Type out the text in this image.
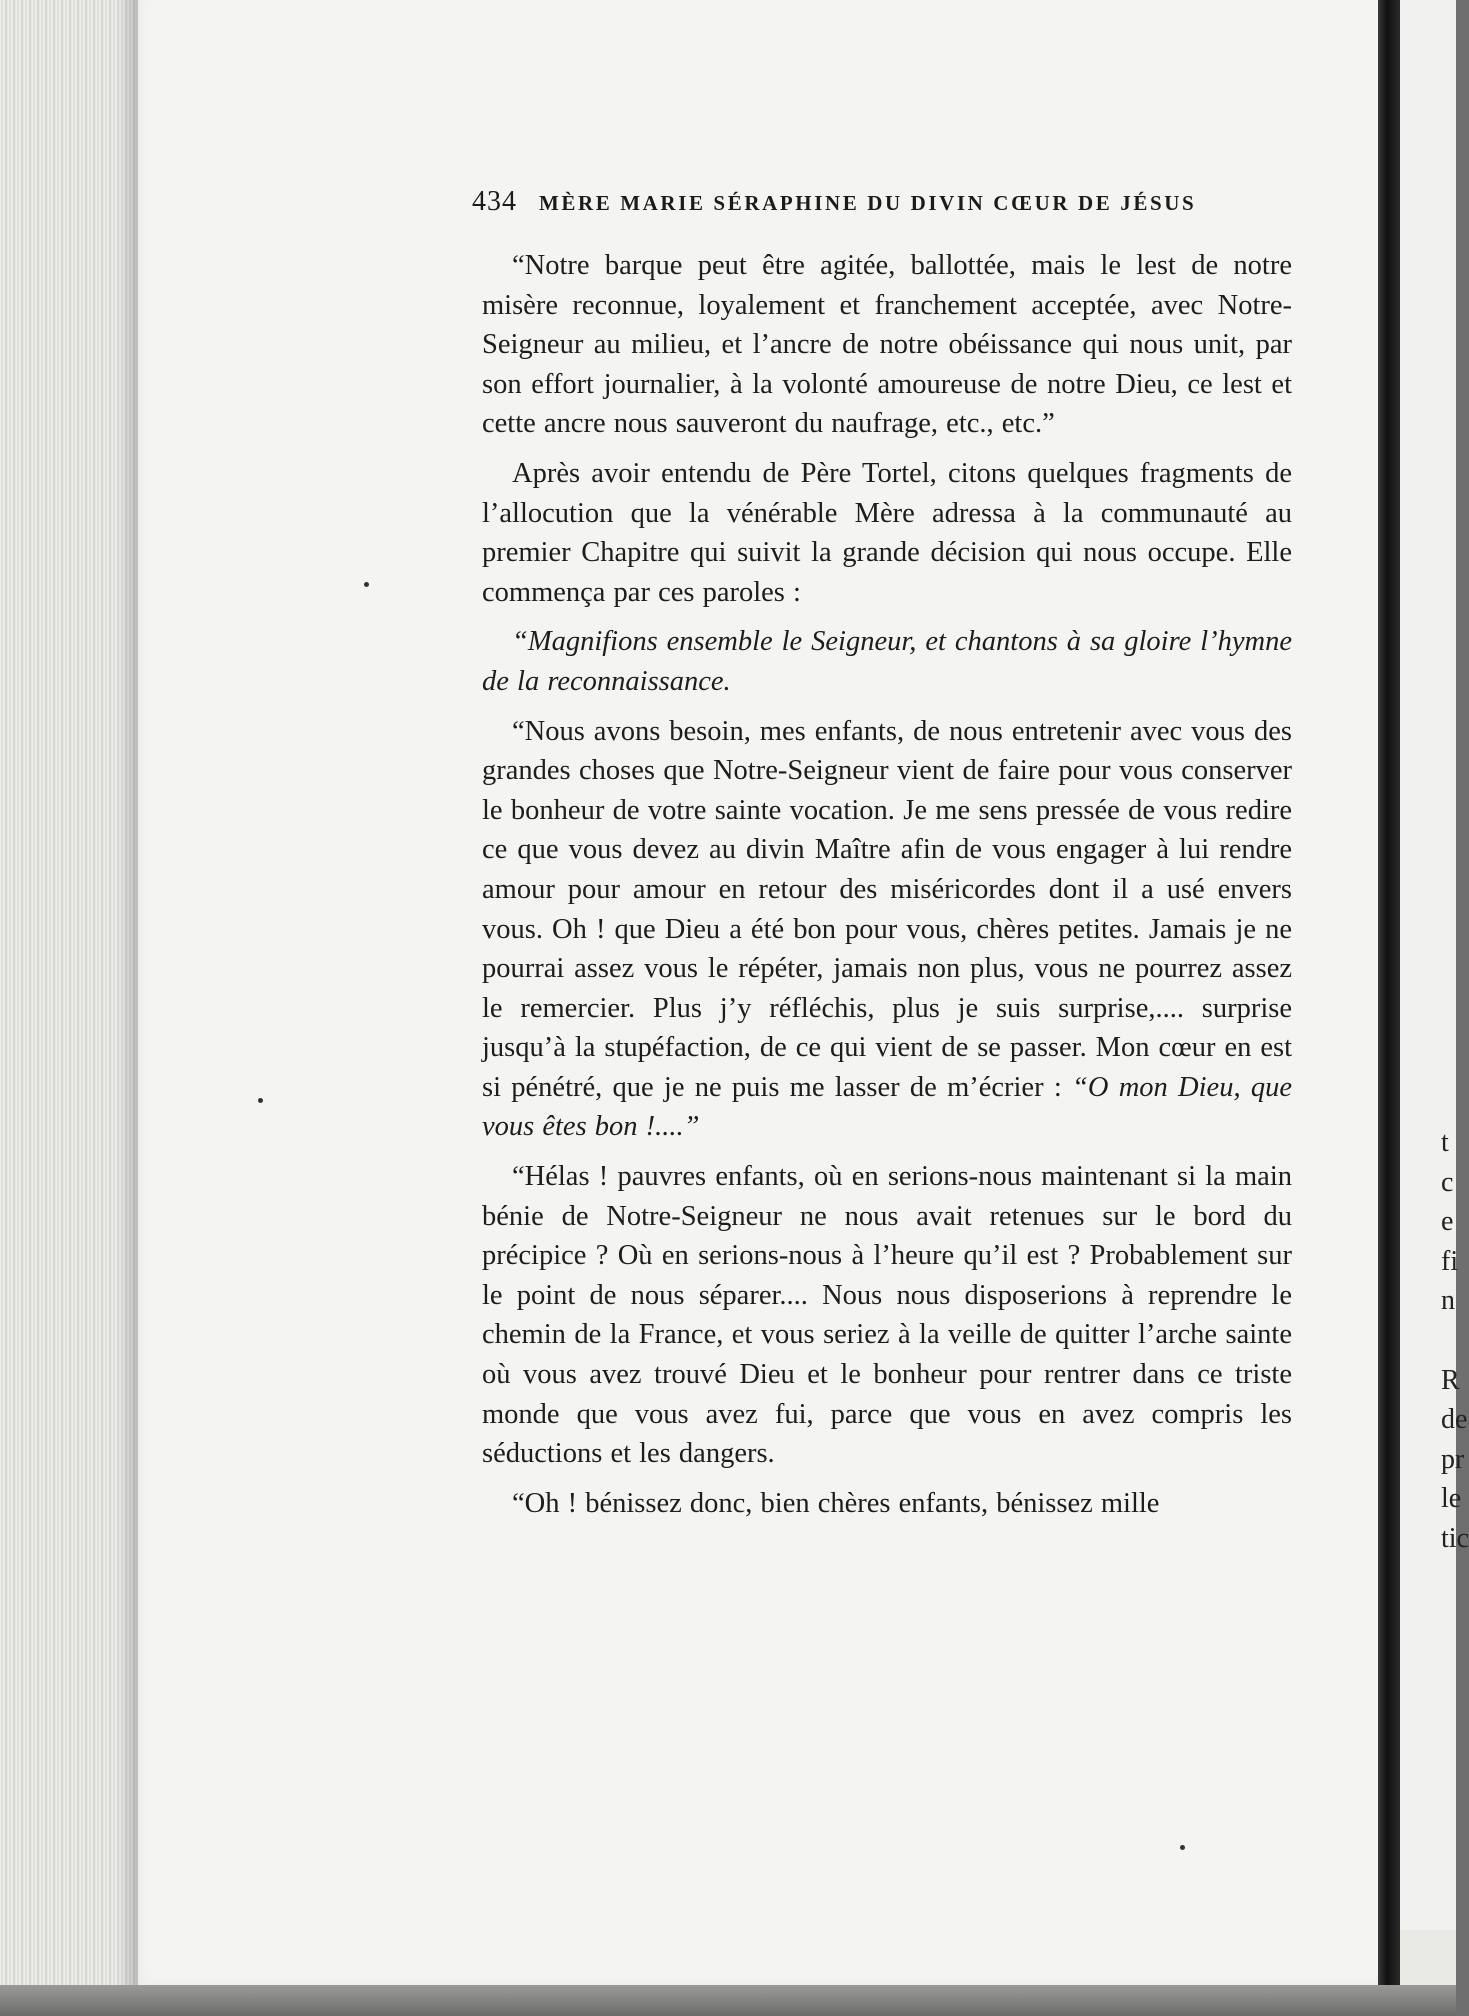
434 MÈRE MARIE SÉRAPHINE DU DIVIN CŒUR DE JÉSUS

“Notre barque peut être agitée, ballottée, mais le lest de notre misère reconnue, loyalement et franchement acceptée, avec Notre-Seigneur au milieu, et l’ancre de notre obéissance qui nous unit, par son effort journalier, à la volonté amoureuse de notre Dieu, ce lest et cette ancre nous sauveront du naufrage, etc., etc.”

Après avoir entendu de Père Tortel, citons quelques fragments de l’allocution que la vénérable Mère adressa à la communauté au premier Chapitre qui suivit la grande décision qui nous occupe. Elle commença par ces paroles :

“Magnifions ensemble le Seigneur, et chantons à sa gloire l’hymne de la reconnaissance.

“Nous avons besoin, mes enfants, de nous entretenir avec vous des grandes choses que Notre-Seigneur vient de faire pour vous conserver le bonheur de votre sainte vocation. Je me sens pressée de vous redire ce que vous devez au divin Maître afin de vous engager à lui rendre amour pour amour en retour des miséricordes dont il a usé envers vous. Oh ! que Dieu a été bon pour vous, chères petites. Jamais je ne pourrai assez vous le répéter, jamais non plus, vous ne pourrez assez le remercier. Plus j’y réfléchis, plus je suis surprise,.... surprise jusqu’à la stupéfaction, de ce qui vient de se passer. Mon cœur en est si pénétré, que je ne puis me lasser de m’écrier : “O mon Dieu, que vous êtes bon !....”

“Hélas ! pauvres enfants, où en serions-nous maintenant si la main bénie de Notre-Seigneur ne nous avait retenues sur le bord du précipice ? Où en serions-nous à l’heure qu’il est ? Probablement sur le point de nous séparer.... Nous nous disposerions à reprendre le chemin de la France, et vous seriez à la veille de quitter l’arche sainte où vous avez trouvé Dieu et le bonheur pour rentrer dans ce triste monde que vous avez fui, parce que vous en avez compris les séductions et les dangers.

“Oh ! bénissez donc, bien chères enfants, bénissez mille

t
c
e
fi
n

R
de
pr
le
tic
